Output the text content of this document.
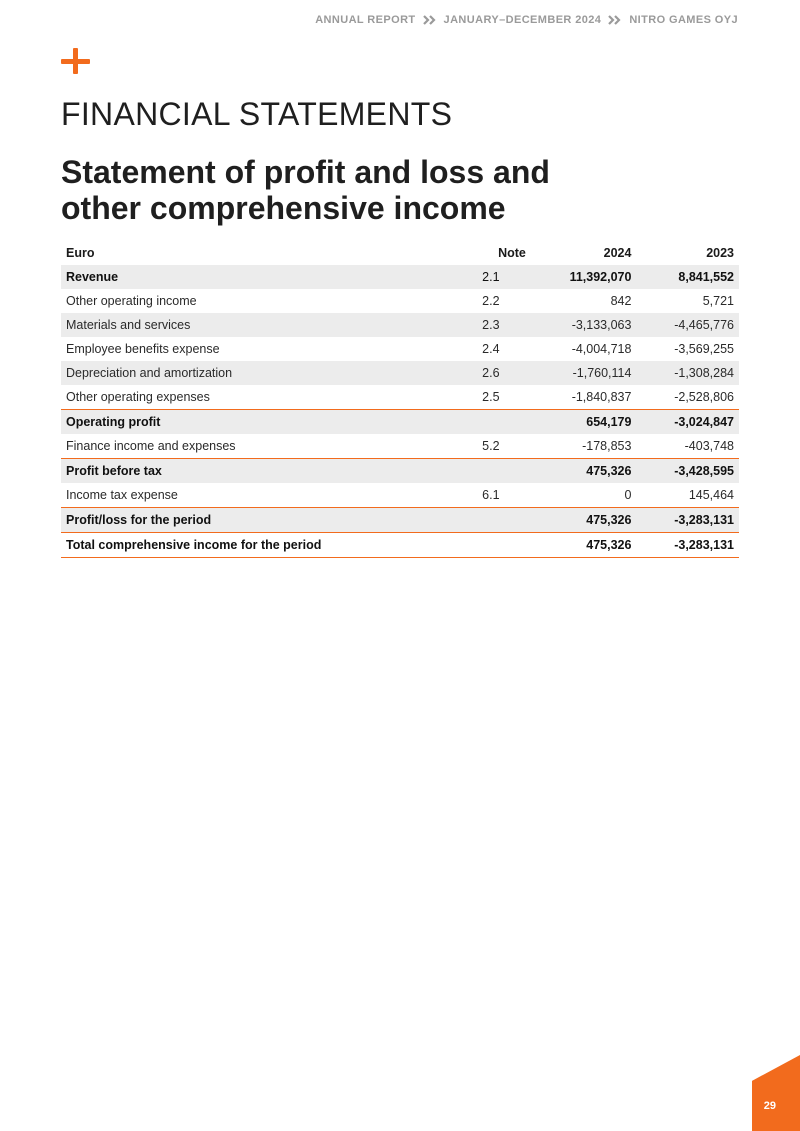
ANNUAL REPORT	JANUARY–DECEMBER 2024	NITRO GAMES OYJ
FINANCIAL STATEMENTS
Statement of profit and loss and other comprehensive income
Euro	Note	2024	2023
Revenue	2.1	11,392,070	8,841,552
Other operating income	2.2	842	5,721
Materials and services	2.3	-3,133,063	-4,465,776
Employee benefits expense	2.4	-4,004,718	-3,569,255
Depreciation and amortization	2.6	-1,760,114	-1,308,284
Other operating expenses	2.5	-1,840,837	-2,528,806
Operating profit		654,179	-3,024,847
Finance income and expenses	5.2	-178,853	-403,748
Profit before tax		475,326	-3,428,595
Income tax expense	6.1	0	145,464
Profit/loss for the period		475,326	-3,283,131
Total comprehensive income for the period		475,326	-3,283,131
29
